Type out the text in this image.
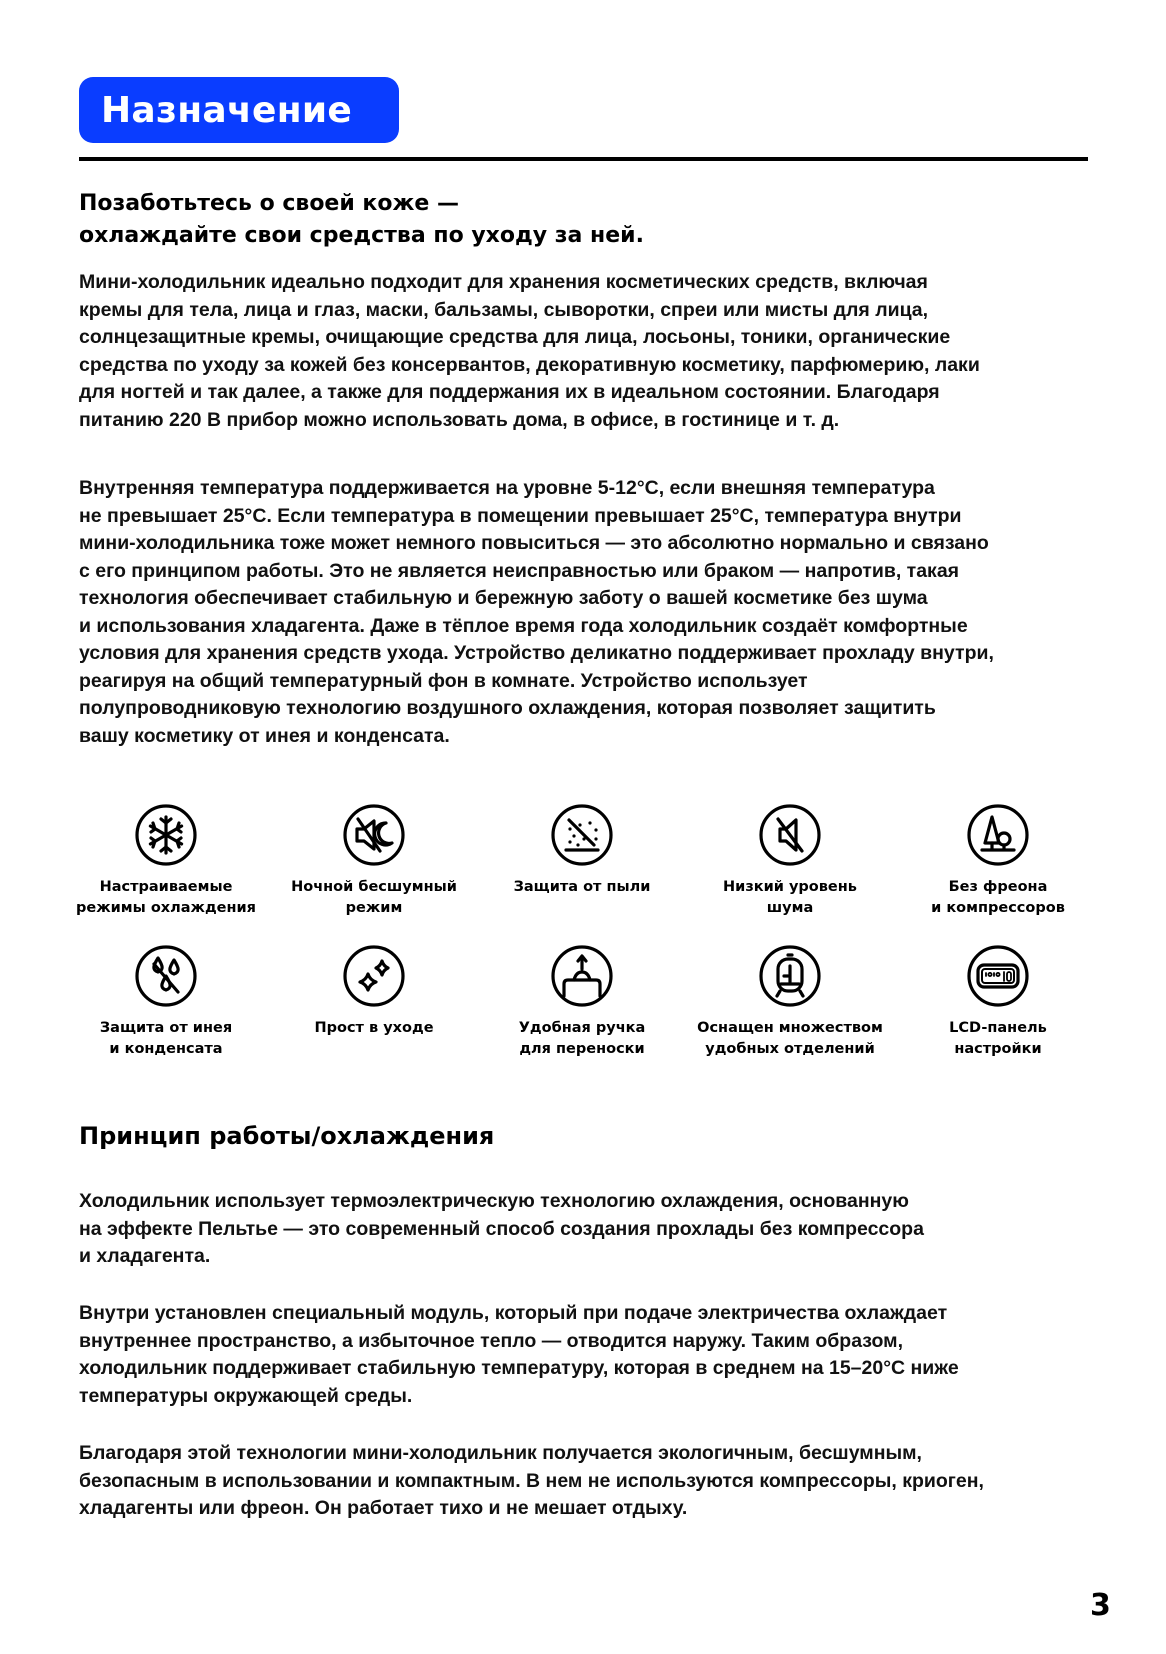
Назначение
Позаботьтесь о своей коже —
охлаждайте свои средства по уходу за ней.
Мини-холодильник идеально подходит для хранения косметических средств, включая
кремы для тела, лица и глаз, маски, бальзамы, сыворотки, спреи или мисты для лица,
солнцезащитные кремы, очищающие средства для лица, лосьоны, тоники, органические
средства по уходу за кожей без консервантов, декоративную косметику, парфюмерию, лаки
для ногтей и так далее, а также для поддержания их в идеальном состоянии. Благодаря
питанию 220 В прибор можно использовать дома, в офисе, в гостинице и т. д.
Внутренняя температура поддерживается на уровне 5-12°C, если внешняя температура
не превышает 25°C. Если температура в помещении превышает 25°C, температура внутри
мини-холодильника тоже может немного повыситься — это абсолютно нормально и связано
с его принципом работы. Это не является неисправностью или браком — напротив, такая
технология обеспечивает стабильную и бережную заботу о вашей косметике без шума
и использования хладагента. Даже в тёплое время года холодильник создаёт комфортные
условия для хранения средств ухода. Устройство деликатно поддерживает прохладу внутри,
реагируя на общий температурный фон в комнате. Устройство использует
полупроводниковую технологию воздушного охлаждения, которая позволяет защитить
вашу косметику от инея и конденсата.
Настраиваемые
режимы охлаждения
Ночной бесшумный
режим
Защита от пыли	Низкий уровень
шума
Без фреона
и компрессоров
Защита от инея
и конденсата
Прост в уходе	Удобная ручка
для переноски
Оснащен множеством
удобных отделений
LCD-панель
настройки
Принцип работы/охлаждения
Холодильник использует термоэлектрическую технологию охлаждения, основанную
на эффекте Пельтье — это современный способ создания прохлады без компрессора
и хладагента.
Внутри установлен специальный модуль, который при подаче электричества охлаждает
внутреннее пространство, а избыточное тепло — отводится наружу. Таким образом,
холодильник поддерживает стабильную температуру, которая в среднем на 15–20°C ниже
температуры окружающей среды.
Благодаря этой технологии мини-холодильник получается экологичным, бесшумным,
безопасным в использовании и компактным. В нем не используются компрессоры, криоген,
хладагенты или фреон. Он работает тихо и не мешает отдыху.
3
